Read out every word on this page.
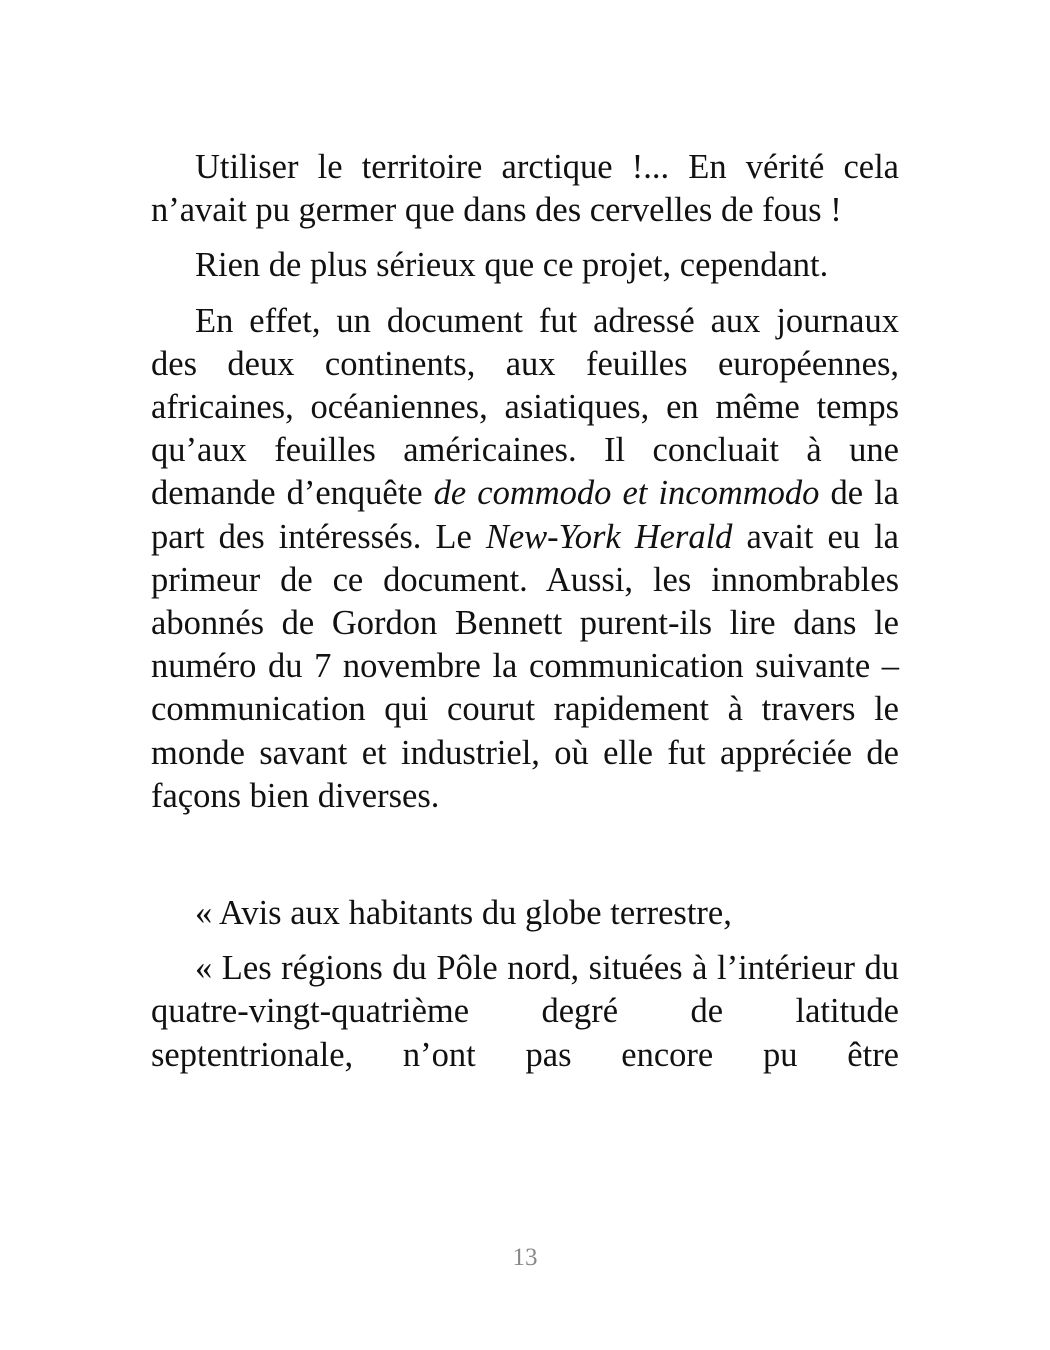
Utiliser le territoire arctique !... En vérité cela n’avait pu germer que dans des cervelles de fous !

Rien de plus sérieux que ce projet, cependant.

En effet, un document fut adressé aux journaux des deux continents, aux feuilles européennes, africaines, océaniennes, asiatiques, en même temps qu’aux feuilles américaines. Il concluait à une demande d’enquête de commodo et incommodo de la part des intéressés. Le New-York Herald avait eu la primeur de ce document. Aussi, les innombrables abonnés de Gordon Bennett purent-ils lire dans le numéro du 7 novembre la communication suivante – communication qui courut rapidement à travers le monde savant et industriel, où elle fut appréciée de façons bien diverses.

« Avis aux habitants du globe terrestre,

« Les régions du Pôle nord, situées à l’intérieur du quatre-vingt-quatrième degré de latitude septentrionale, n’ont pas encore pu être

13
